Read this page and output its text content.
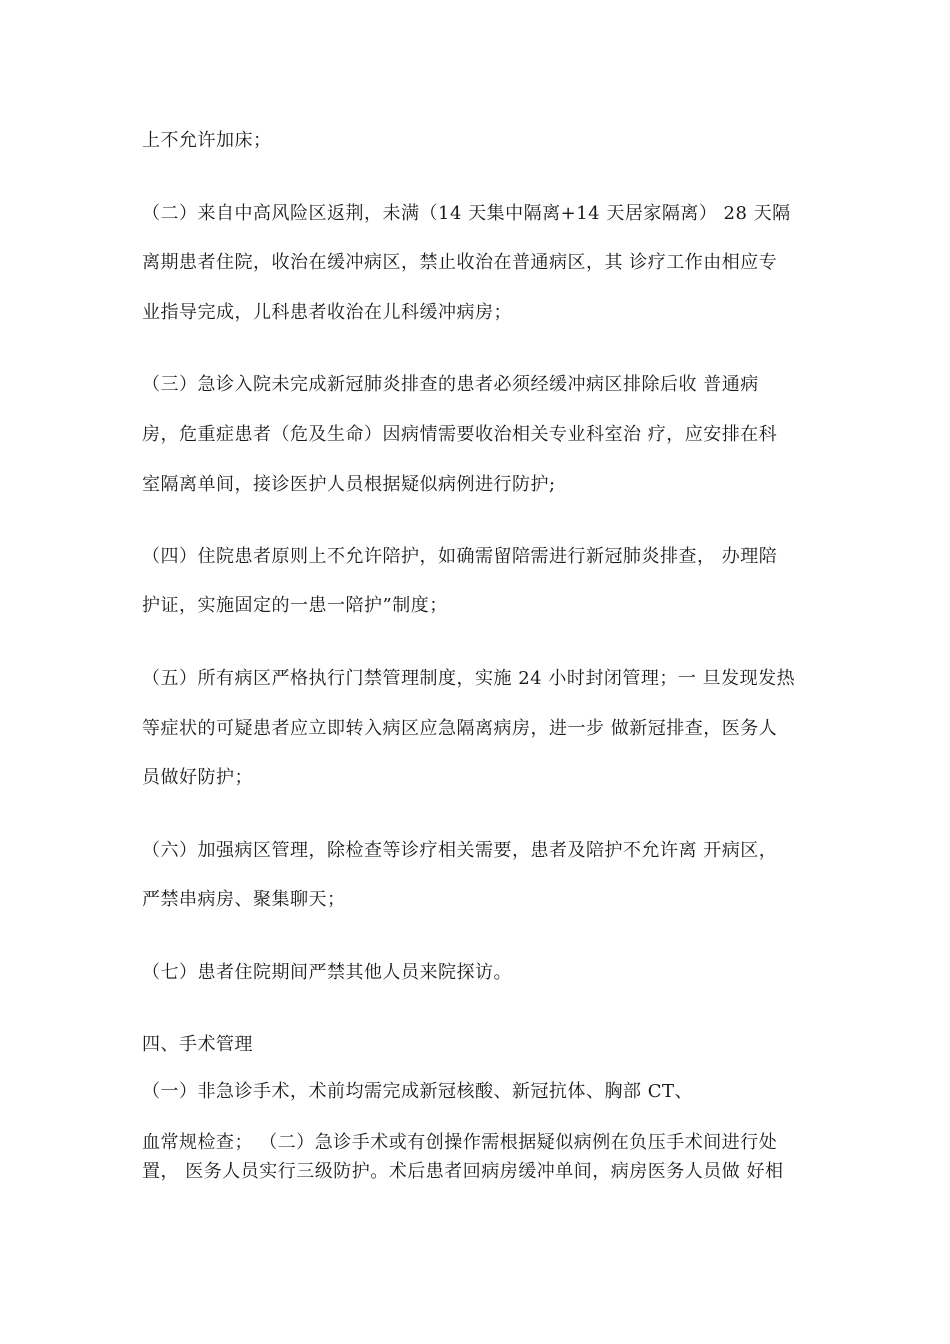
上不允许加床；
（二）来自中高风险区返荆，未满（14 天集中隔离+14 天居家隔离） 28 天隔
离期患者住院，收治在缓冲病区，禁止收治在普通病区，其 诊疗工作由相应专
业指导完成，儿科患者收治在儿科缓冲病房；
（三）急诊入院未完成新冠肺炎排查的患者必须经缓冲病区排除后收 普通病
房，危重症患者（危及生命）因病情需要收治相关专业科室治 疗，应安排在科
室隔离单间，接诊医护人员根据疑似病例进行防护;
（四）住院患者原则上不允许陪护，如确需留陪需进行新冠肺炎排查， 办理陪
护证，实施固定的一患一陪护”制度；
（五）所有病区严格执行门禁管理制度，实施 24 小时封闭管理；一 旦发现发热
等症状的可疑患者应立即转入病区应急隔离病房，进一步 做新冠排查，医务人
员做好防护；
（六）加强病区管理，除检查等诊疗相关需要，患者及陪护不允许离 开病区，
严禁串病房、聚集聊天；
（七）患者住院期间严禁其他人员来院探访。
四、手术管理
（一）非急诊手术，术前均需完成新冠核酸、新冠抗体、胸部 CT、
血常规检查； （二）急诊手术或有创操作需根据疑似病例在负压手术间进行处
置， 医务人员实行三级防护。术后患者回病房缓冲单间，病房医务人员做 好相
